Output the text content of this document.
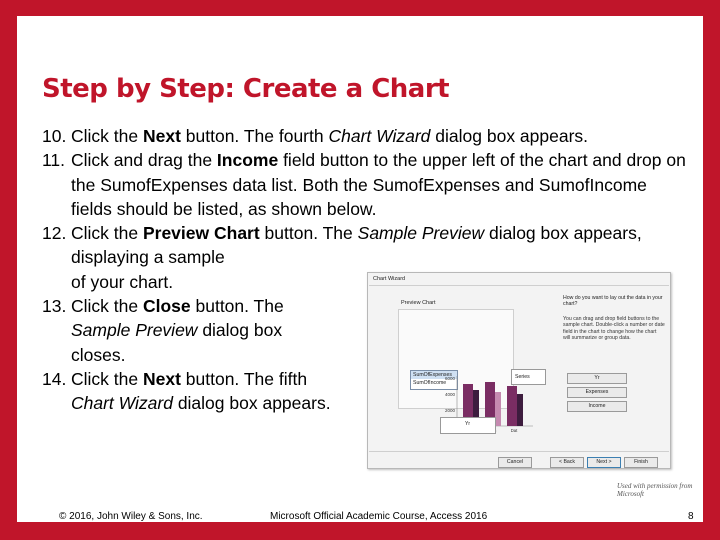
Step by Step: Create a Chart
10. Click the Next button. The fourth Chart Wizard dialog box appears.
11. Click and drag the Income field button to the upper left of the chart and drop on the SumofExpenses data list. Both the SumofExpenses and SumofIncome fields should be listed, as shown below.
12. Click the Preview Chart button. The Sample Preview dialog box appears, displaying a sample
of your chart.
13. Click the Close button. The Sample Preview dialog box closes.
14. Click the Next button. The fifth Chart Wizard dialog box appears.
Chart Wizard
How do you want to lay out the data in your chart?
You can drag and drop field buttons to the sample chart. Double-click a number or date field in the chart to change how the chart will summarize or group data.
SumOfExpenses
SumOfIncome
6000
4000
2000
Dat
Preview Chart
Series
Yr
Yr
Expenses
Income
Cancel	< Back	Next >	Finish
Used with permission from Microsoft
© 2016, John Wiley & Sons, Inc.	Microsoft Official Academic Course, Access 2016	8
